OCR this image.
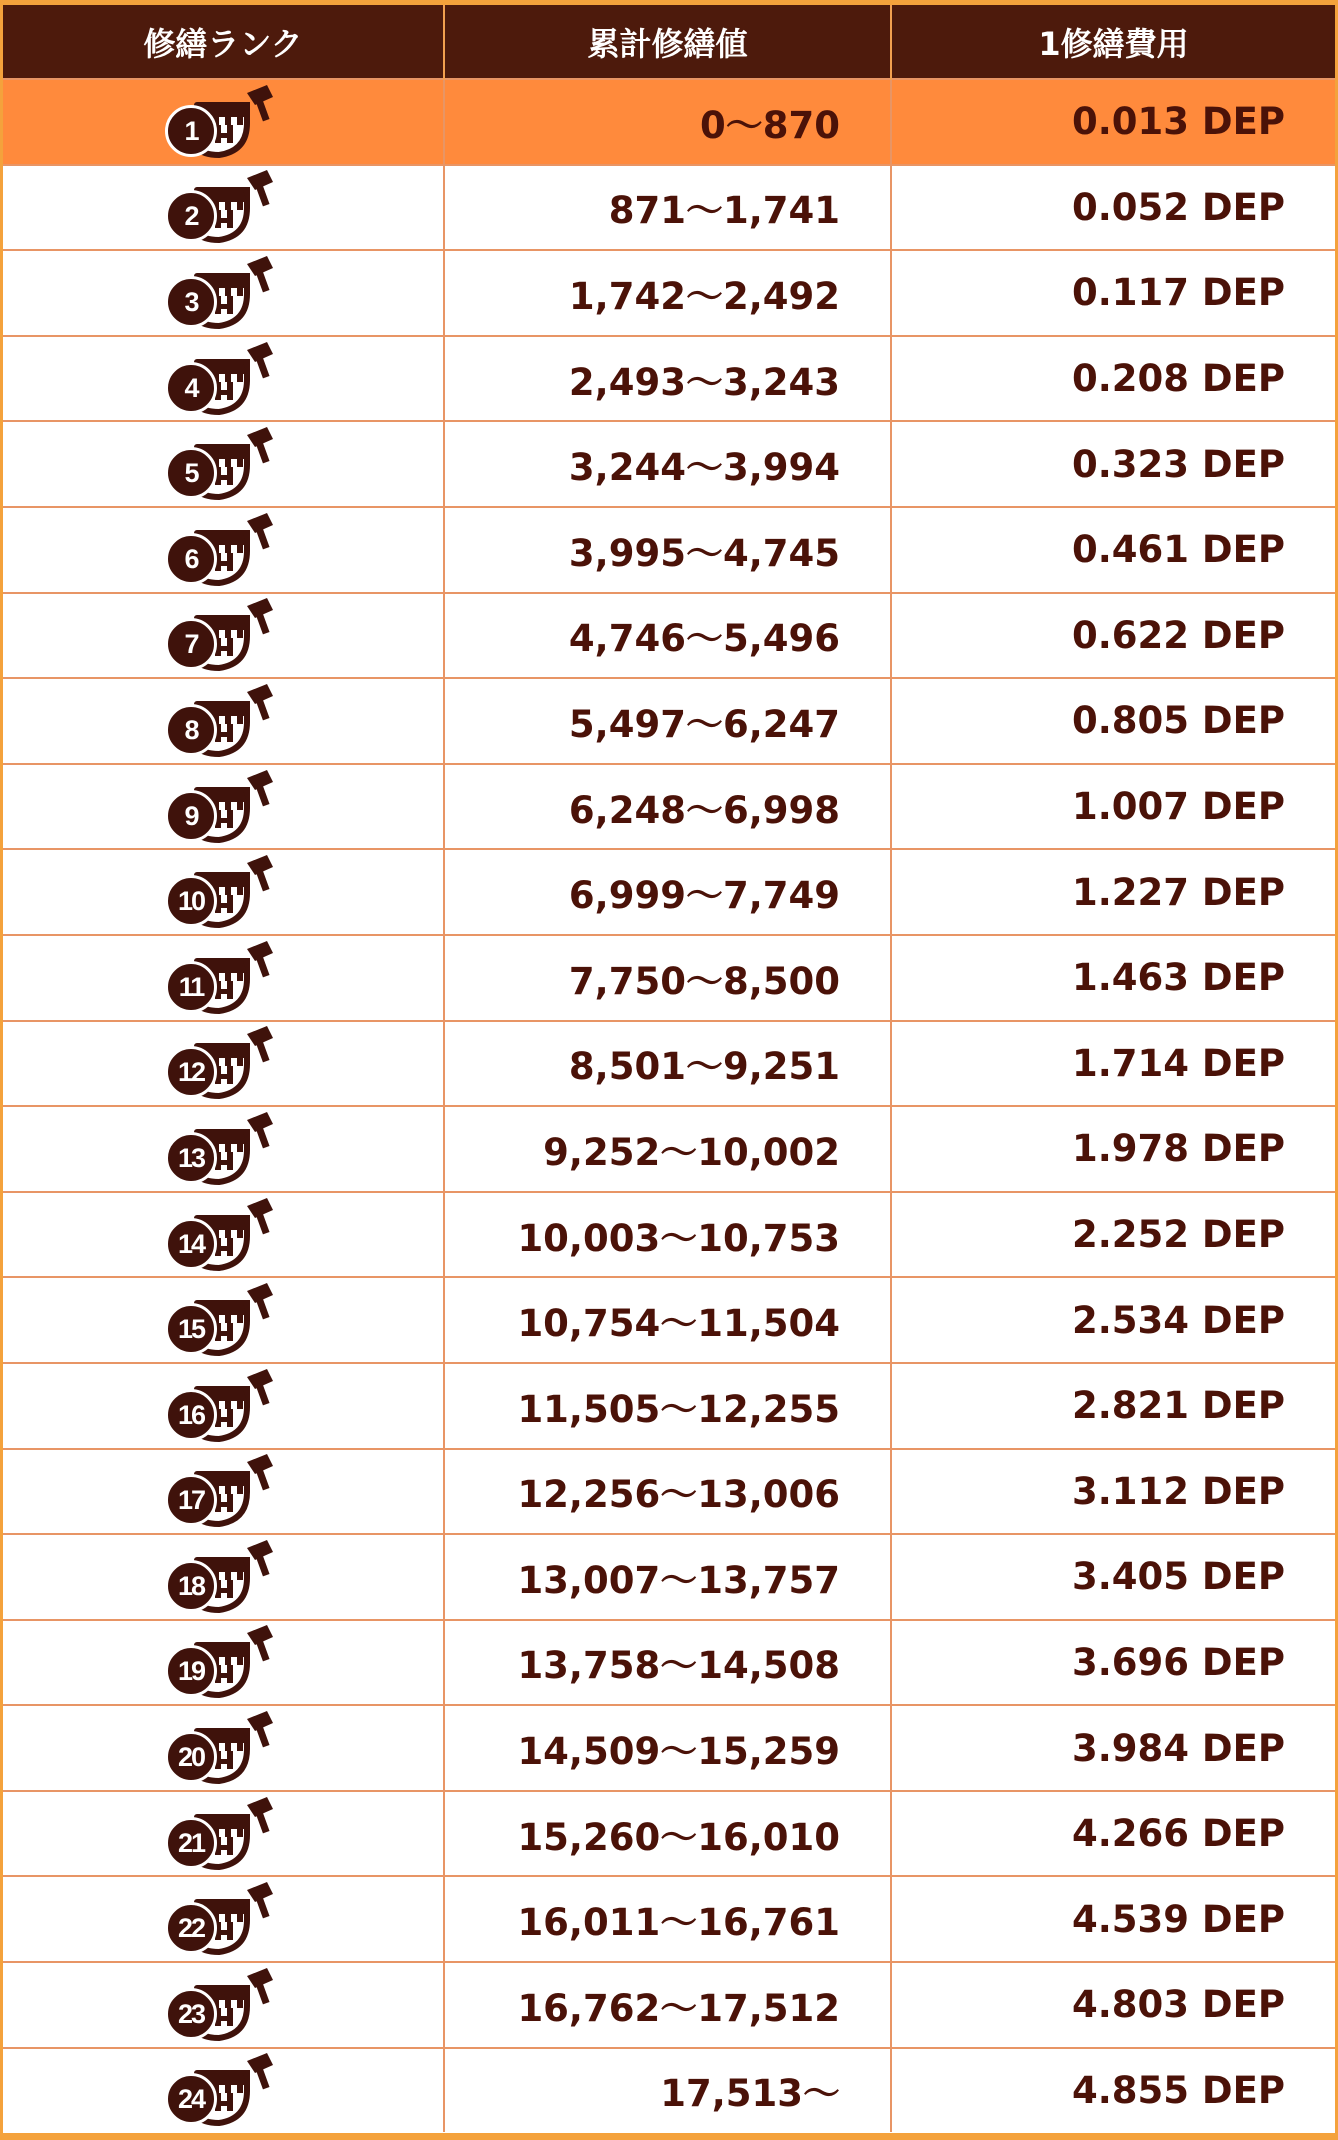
修繕ランク	累計修繕値	1修繕費用

1	0～870	0.013 DEP

2	871～1,741	0.052 DEP

3	1,742～2,492	0.117 DEP

4	2,493～3,243	0.208 DEP

5	3,244～3,994	0.323 DEP

6	3,995～4,745	0.461 DEP

7	4,746～5,496	0.622 DEP

8	5,497～6,247	0.805 DEP

9	6,248～6,998	1.007 DEP

10	6,999～7,749	1.227 DEP

11	7,750～8,500	1.463 DEP

12	8,501～9,251	1.714 DEP

13	9,252～10,002	1.978 DEP

14	10,003～10,753	2.252 DEP

15	10,754～11,504	2.534 DEP

16	11,505～12,255	2.821 DEP

17	12,256～13,006	3.112 DEP

18	13,007～13,757	3.405 DEP

19	13,758～14,508	3.696 DEP

20	14,509～15,259	3.984 DEP

21	15,260～16,010	4.266 DEP

22	16,011～16,761	4.539 DEP

23	16,762～17,512	4.803 DEP

24	17,513～	4.855 DEP
